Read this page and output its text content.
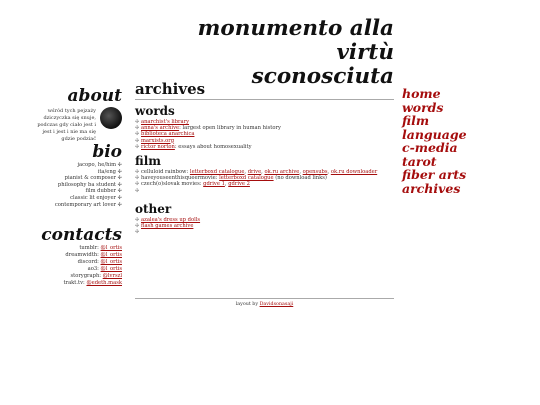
monumento alla virtù
sconosciuta
about
wśród tych pejzaży
dziczyczka się snuje,
podczas gdy ciało jest i
jest i jest i nie ma się
gdzie podziać
bio
jacopo, he/him ✢
ita/eng ✢
pianist & composer ✢
philosophy ba student ✢
film dubber ✢
classic lit enjoyer ✢
contemporary art lover ✢
contacts
tumblr: @l_ortis
dreamwidth: @l_ortis
discord: @l_ortis
ao3: @l_ortis
storygraph: @lvrszl
trakt.tv: @edeth.mask
archives
words
✢ anarchist's library
✢ anna's archive: largest open library in human history
✢ biblioteca anarchica
✢ marxists.org
✢ rictor norton: essays about homosexuality
film
✢ celluloid rainbow: letterboxd catalogue, drive, ok.ru archive, opensubs, ok.ru downloader
✢ haveyouseenthisqueermovie: letterboxd catalogue (no download links)
✢ czech(o)slovak movies: gdrive 1, gdrive 2
✢
other
✢ azalea's dress up dolls
✢ flash games archive
✢
layout by Davidsonasaji
home
words
film
language
c-media
tarot
fiber arts
archives
